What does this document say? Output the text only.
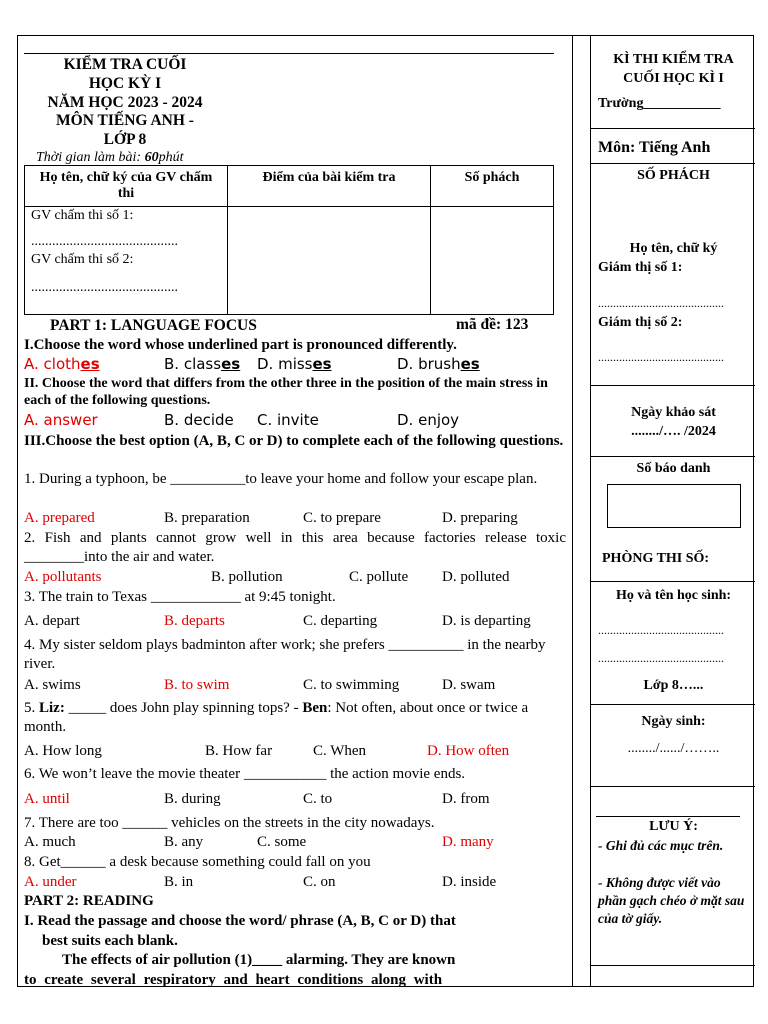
KIỂM TRA CUỐI
HỌC KỲ I
NĂM HỌC 2023 - 2024
MÔN TIẾNG ANH -
LỚP 8
Thời gian làm bài: 60phút
Họ tên, chữ ký của GV chấm thi	Điểm của bài kiểm tra	Số phách

GV chấm thi số 1:
..........................................
GV chấm thi số 2:
..........................................		

PART 1: LANGUAGE FOCUS	mã đề: 123
I.Choose the word whose underlined part is pronounced differently.
A. clothes	B. classes D. misses	D. brushes
II. Choose the word that differs from the other three in the position of the main stress in each of the following questions.
A. answer	B. decide C. invite	D. enjoy
III.Choose the best option (A, B, C or D) to complete each of the following questions.
1. During a typhoon, be __________to leave your home and follow your escape plan.
A. prepared	B. preparation	C. to prepare	D. preparing
2. Fish and plants cannot grow well in this area because factories release toxic ________into the air and water.
A. pollutants	B. pollution	C. pollute D. polluted
3. The train to Texas ____________ at 9:45 tonight.
A. depart	B. departs	C. departing	D. is departing
4. My sister seldom plays badminton after work; she prefers __________ in the nearby river.
A. swims	B. to swim	C. to swimming	D. swam
5. Liz: _____ does John play spinning tops? - Ben: Not often, about once or twice a month.
A. How long	B. How far	C. When	D. How often
6. We won’t leave the movie theater ___________ the action movie ends.
A. until	B. during	C. to	D. from
7. There are too ______ vehicles on the streets in the city nowadays.
A. much	B. any	C. some	D. many
8. Get______ a desk because something could fall on you
A. under	B. in	C. on	D. inside
PART 2: READING
I. Read the passage and choose the word/ phrase (A, B, C or D) that
best suits each blank.
The effects of air pollution (1)____ alarming. They are known
to create several respiratory and heart conditions along with
KÌ THI KIỂM TRA
CUỐI HỌC KÌ I
Trường___________
Môn: Tiếng Anh
SỐ PHÁCH
Họ tên, chữ ký
Giám thị số 1:
..........................................
Giám thị số 2:
..........................................
Ngày khảo sát
......../…. /2024
Số báo danh
PHÒNG THI SỐ:
Họ và tên học sinh:
..........................................
..........................................
Lớp 8…...
Ngày sinh:
......../....../……..
LƯU Ý:
- Ghi đủ các mục trên.
- Không được viết vào phần gạch chéo ở mặt sau của tờ giấy.
